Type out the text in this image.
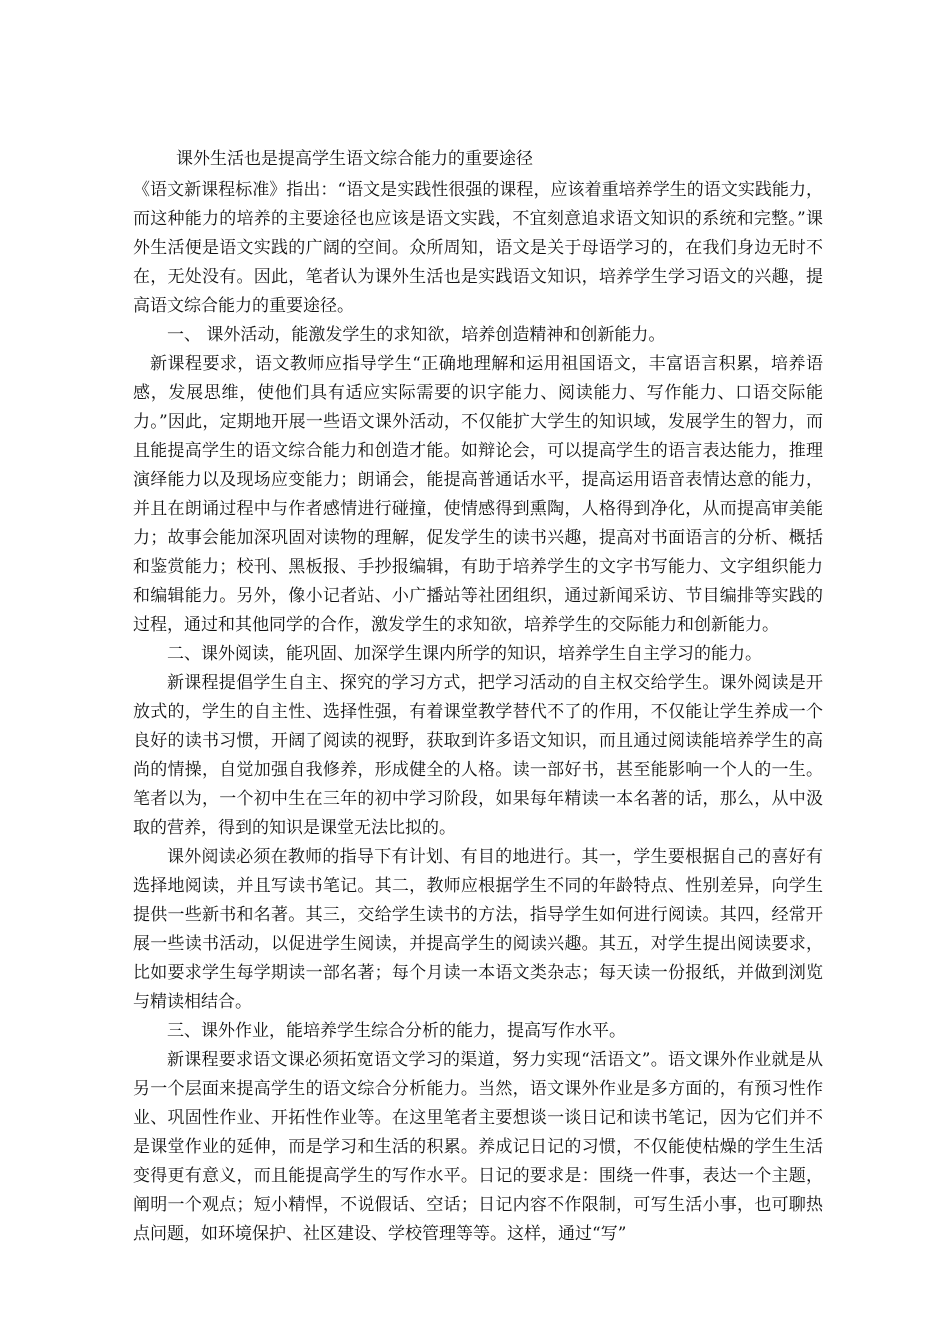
课外生活也是提高学生语文综合能力的重要途径

《语文新课程标准》指出：“语文是实践性很强的课程，应该着重培养学生的语文实践能力，而这种能力的培养的主要途径也应该是语文实践，不宜刻意追求语文知识的系统和完整。”课外生活便是语文实践的广阔的空间。众所周知，语文是关于母语学习的，在我们身边无时不在，无处没有。因此，笔者认为课外生活也是实践语文知识，培养学生学习语文的兴趣，提高语文综合能力的重要途径。

一、 课外活动，能激发学生的求知欲，培养创造精神和创新能力。

新课程要求，语文教师应指导学生“正确地理解和运用祖国语文，丰富语言积累，培养语感，发展思维，使他们具有适应实际需要的识字能力、阅读能力、写作能力、口语交际能力。”因此，定期地开展一些语文课外活动，不仅能扩大学生的知识域，发展学生的智力，而且能提高学生的语文综合能力和创造才能。如辩论会，可以提高学生的语言表达能力，推理演绎能力以及现场应变能力；朗诵会，能提高普通话水平，提高运用语音表情达意的能力，并且在朗诵过程中与作者感情进行碰撞，使情感得到熏陶，人格得到净化，从而提高审美能力；故事会能加深巩固对读物的理解，促发学生的读书兴趣，提高对书面语言的分析、概括和鉴赏能力；校刊、黑板报、手抄报编辑，有助于培养学生的文字书写能力、文字组织能力和编辑能力。另外，像小记者站、小广播站等社团组织，通过新闻采访、节目编排等实践的过程，通过和其他同学的合作，激发学生的求知欲，培养学生的交际能力和创新能力。

二、课外阅读，能巩固、加深学生课内所学的知识，培养学生自主学习的能力。

新课程提倡学生自主、探究的学习方式，把学习活动的自主权交给学生。课外阅读是开放式的，学生的自主性、选择性强，有着课堂教学替代不了的作用，不仅能让学生养成一个良好的读书习惯，开阔了阅读的视野，获取到许多语文知识，而且通过阅读能培养学生的高尚的情操，自觉加强自我修养，形成健全的人格。读一部好书，甚至能影响一个人的一生。笔者以为，一个初中生在三年的初中学习阶段，如果每年精读一本名著的话，那么，从中汲取的营养，得到的知识是课堂无法比拟的。

课外阅读必须在教师的指导下有计划、有目的地进行。其一，学生要根据自己的喜好有选择地阅读，并且写读书笔记。其二，教师应根据学生不同的年龄特点、性别差异，向学生提供一些新书和名著。其三，交给学生读书的方法，指导学生如何进行阅读。其四，经常开展一些读书活动，以促进学生阅读，并提高学生的阅读兴趣。其五，对学生提出阅读要求，比如要求学生每学期读一部名著；每个月读一本语文类杂志；每天读一份报纸，并做到浏览与精读相结合。

三、课外作业，能培养学生综合分析的能力，提高写作水平。

新课程要求语文课必须拓宽语文学习的渠道，努力实现“活语文”。语文课外作业就是从另一个层面来提高学生的语文综合分析能力。当然，语文课外作业是多方面的，有预习性作业、巩固性作业、开拓性作业等。在这里笔者主要想谈一谈日记和读书笔记，因为它们并不是课堂作业的延伸，而是学习和生活的积累。养成记日记的习惯，不仅能使枯燥的学生生活变得更有意义，而且能提高学生的写作水平。日记的要求是：围绕一件事，表达一个主题，阐明一个观点；短小精悍，不说假话、空话；日记内容不作限制，可写生活小事，也可聊热点问题，如环境保护、社区建设、学校管理等等。这样，通过“写”
